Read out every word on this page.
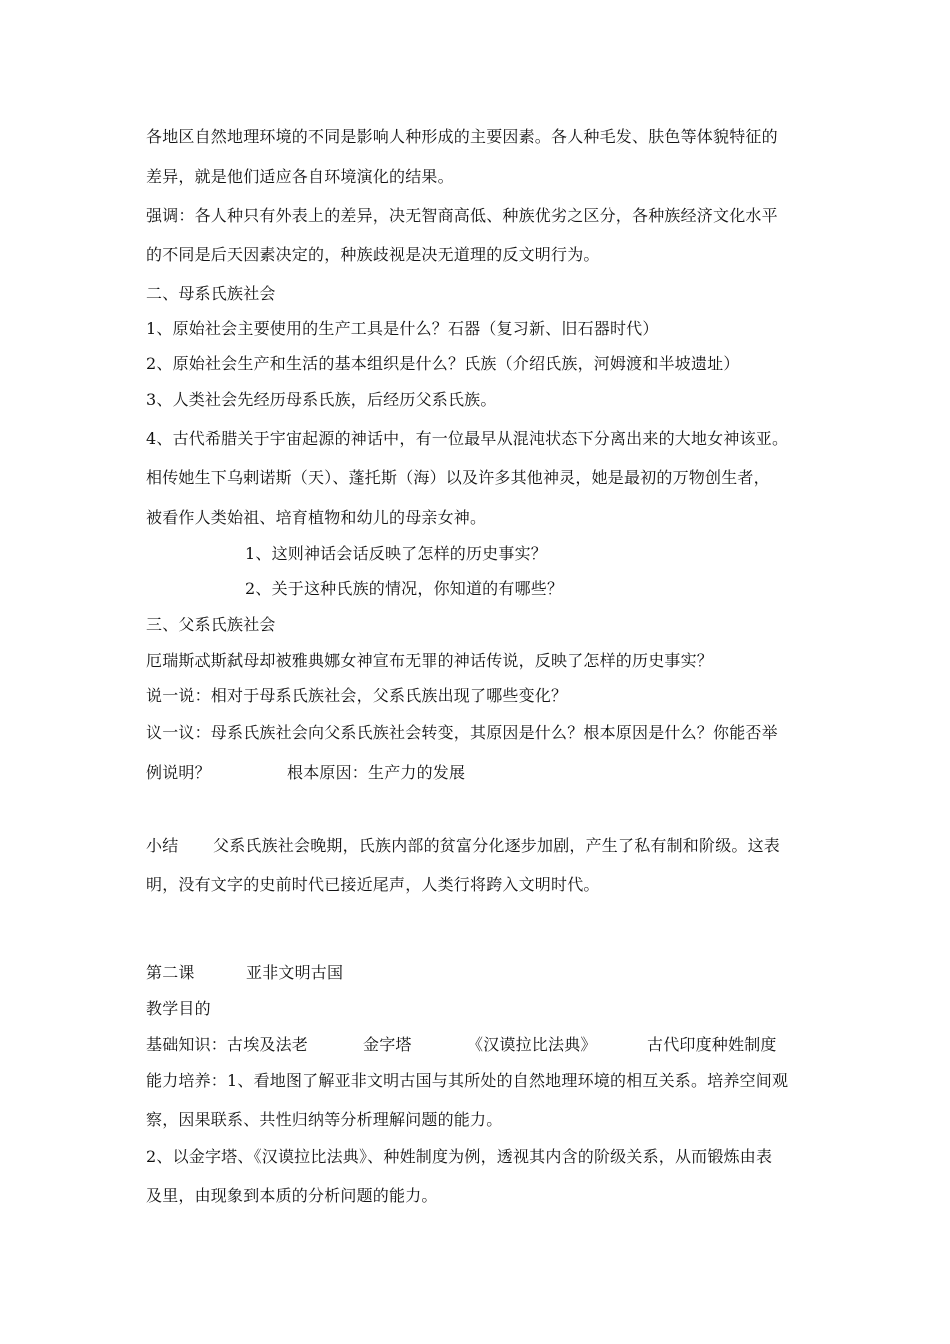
各地区自然地理环境的不同是影响人种形成的主要因素。各人种毛发、肤色等体貌特征的
差异，就是他们适应各自环境演化的结果。
强调：各人种只有外表上的差异，决无智商高低、种族优劣之区分，各种族经济文化水平
的不同是后天因素决定的，种族歧视是决无道理的反文明行为。
二、母系氏族社会
1、原始社会主要使用的生产工具是什么？石器（复习新、旧石器时代）
2、原始社会生产和生活的基本组织是什么？氏族（介绍氏族，河姆渡和半坡遗址）
3、人类社会先经历母系氏族，后经历父系氏族。
4、古代希腊关于宇宙起源的神话中，有一位最早从混沌状态下分离出来的大地女神该亚。
相传她生下乌剌诺斯（天）、蓬托斯（海）以及许多其他神灵，她是最初的万物创生者，
被看作人类始祖、培育植物和幼儿的母亲女神。
1、这则神话会话反映了怎样的历史事实？
2、关于这种氏族的情况，你知道的有哪些？
三、父系氏族社会
厄瑞斯忒斯弑母却被雅典娜女神宣布无罪的神话传说，反映了怎样的历史事实？
说一说：相对于母系氏族社会，父系氏族出现了哪些变化？
议一议：母系氏族社会向父系氏族社会转变，其原因是什么？根本原因是什么？你能否举
例说明？	根本原因：生产力的发展
小结 父系氏族社会晚期，氏族内部的贫富分化逐步加剧，产生了私有制和阶级。这表
明，没有文字的史前时代已接近尾声，人类行将跨入文明时代。
第二课	亚非文明古国
教学目的
基础知识：古埃及法老	金字塔	《汉谟拉比法典》	古代印度种姓制度
能力培养：1、看地图了解亚非文明古国与其所处的自然地理环境的相互关系。培养空间观
察，因果联系、共性归纳等分析理解问题的能力。
2、以金字塔、《汉谟拉比法典》、种姓制度为例，透视其内含的阶级关系，从而锻炼由表
及里，由现象到本质的分析问题的能力。
